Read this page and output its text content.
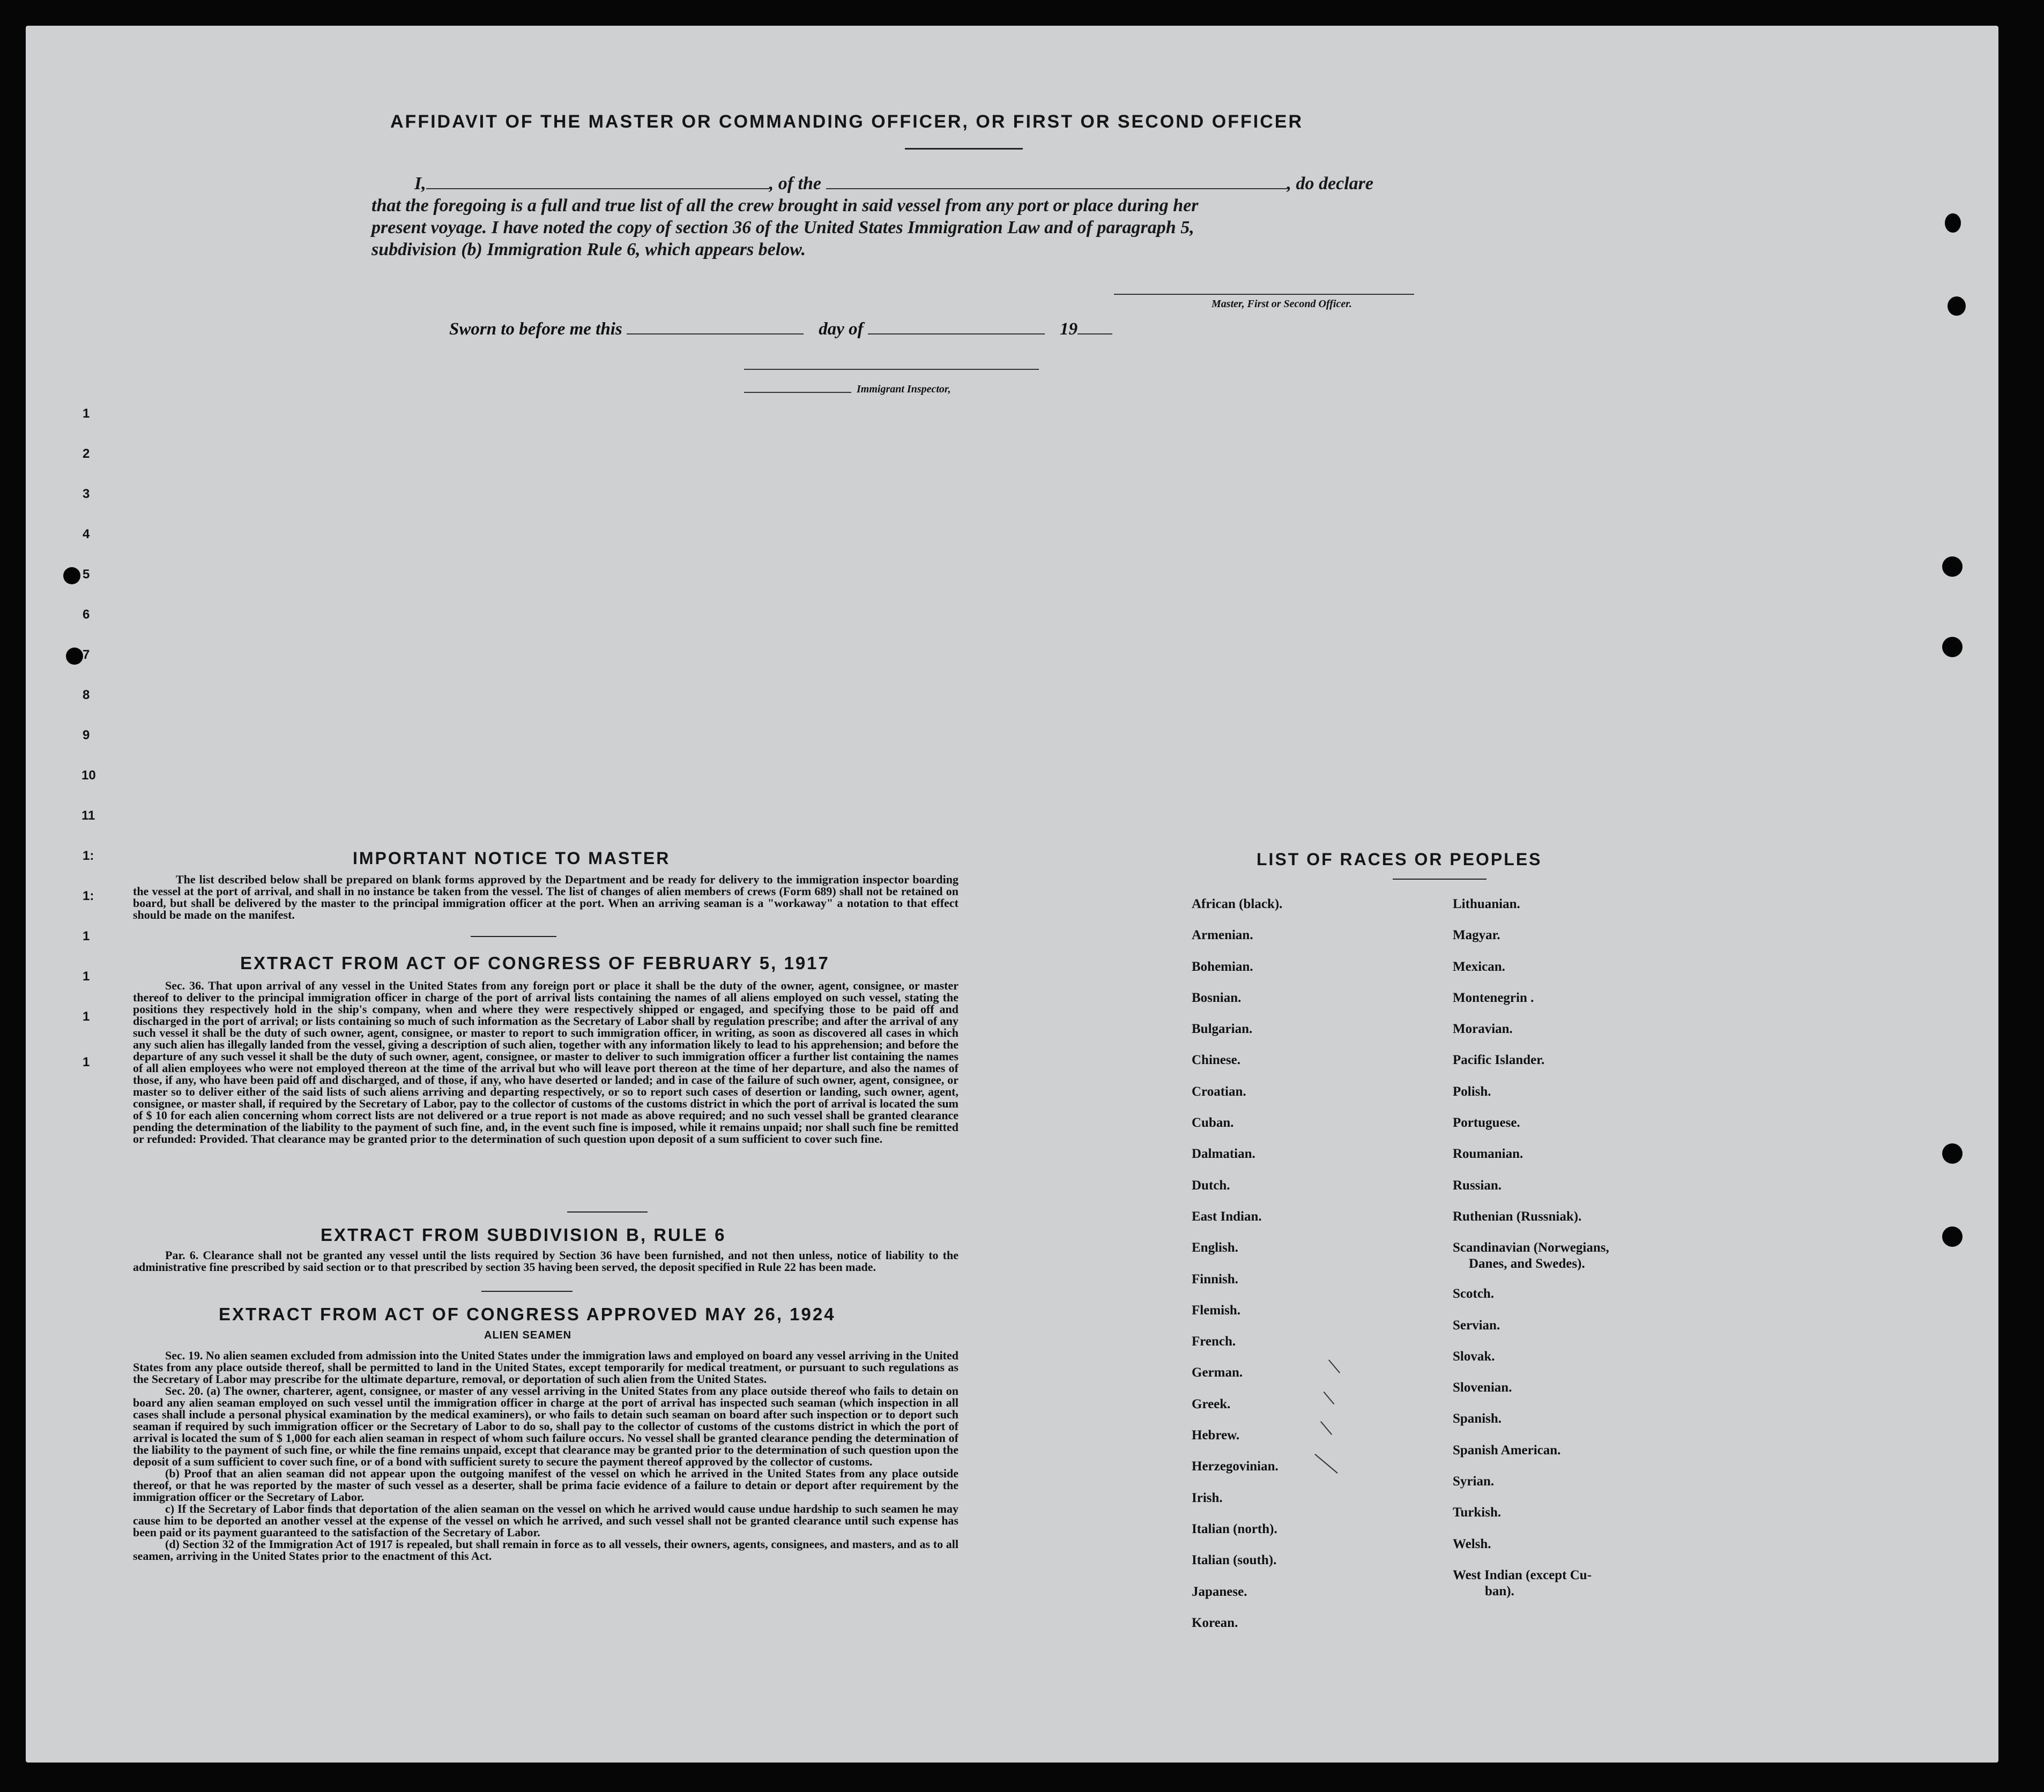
AFFIDAVIT OF THE MASTER OR COMMANDING OFFICER, OR FIRST OR SECOND OFFICER
I,	, of the	, do declare
that the foregoing is a full and true list of all the crew brought in said vessel from any port or place during her
present voyage. I have noted the copy of section 36 of the United States Immigration Law and of paragraph 5,
subdivision (b) Immigration Rule 6, which appears below.
Master, First or Second Officer.
Sworn to before me this	day of	19
Immigrant Inspector,
1
2
3
4
5
6
7
8
9
10
11
1:
1:
1
1
1
1
IMPORTANT NOTICE TO MASTER
The list described below shall be prepared on blank forms approved by the Department and be ready for delivery to the immigration inspector boarding the vessel at the port of arrival, and shall in no instance be taken from the vessel. The list of changes of alien members of crews (Form 689) shall not be retained on board, but shall be delivered by the master to the principal immigration officer at the port. When an arriving seaman is a "workaway" a notation to that effect should be made on the manifest.
EXTRACT FROM ACT OF CONGRESS OF FEBRUARY 5, 1917
Sec. 36. That upon arrival of any vessel in the United States from any foreign port or place it shall be the duty of the owner, agent, consignee, or master thereof to deliver to the principal immigration officer in charge of the port of arrival lists containing the names of all aliens employed on such vessel, stating the positions they respectively hold in the ship's company, when and where they were respectively shipped or engaged, and specifying those to be paid off and discharged in the port of arrival; or lists containing so much of such information as the Secretary of Labor shall by regulation prescribe; and after the arrival of any such vessel it shall be the duty of such owner, agent, consignee, or master to report to such immigration officer, in writing, as soon as discovered all cases in which any such alien has illegally landed from the vessel, giving a description of such alien, together with any information likely to lead to his apprehension; and before the departure of any such vessel it shall be the duty of such owner, agent, consignee, or master to deliver to such immigration officer a further list containing the names of all alien employees who were not employed thereon at the time of the arrival but who will leave port thereon at the time of her departure, and also the names of those, if any, who have been paid off and discharged, and of those, if any, who have deserted or landed; and in case of the failure of such owner, agent, consignee, or master so to deliver either of the said lists of such aliens arriving and departing respectively, or so to report such cases of desertion or landing, such owner, agent, consignee, or master shall, if required by the Secretary of Labor, pay to the collector of customs of the customs district in which the port of arrival is located the sum of $ 10 for each alien concerning whom correct lists are not delivered or a true report is not made as above required; and no such vessel shall be granted clearance pending the determination of the liability to the payment of such fine, and, in the event such fine is imposed, while it remains unpaid; nor shall such fine be remitted or refunded: Provided. That clearance may be granted prior to the determination of such question upon deposit of a sum sufficient to cover such fine.
EXTRACT FROM SUBDIVISION B, RULE 6
Par. 6. Clearance shall not be granted any vessel until the lists required by Section 36 have been furnished, and not then unless, notice of liability to the administrative fine prescribed by said section or to that prescribed by section 35 having been served, the deposit specified in Rule 22 has been made.
EXTRACT FROM ACT OF CONGRESS APPROVED MAY 26, 1924
ALIEN SEAMEN
Sec. 19. No alien seamen excluded from admission into the United States under the immigration laws and employed on board any vessel arriving in the United States from any place outside thereof, shall be permitted to land in the United States, except temporarily for medical treatment, or pursuant to such regulations as the Secretary of Labor may prescribe for the ultimate departure, removal, or deportation of such alien from the United States.
Sec. 20. (a) The owner, charterer, agent, consignee, or master of any vessel arriving in the United States from any place outside thereof who fails to detain on board any alien seaman employed on such vessel until the immigration officer in charge at the port of arrival has inspected such seaman (which inspection in all cases shall include a personal physical examination by the medical examiners), or who fails to detain such seaman on board after such inspection or to deport such seaman if required by such immigration officer or the Secretary of Labor to do so, shall pay to the collector of customs of the customs district in which the port of arrival is located the sum of $ 1,000 for each alien seaman in respect of whom such failure occurs. No vessel shall be granted clearance pending the determination of the liability to the payment of such fine, or while the fine remains unpaid, except that clearance may be granted prior to the determination of such question upon the deposit of a sum sufficient to cover such fine, or of a bond with sufficient surety to secure the payment thereof approved by the collector of customs.
(b) Proof that an alien seaman did not appear upon the outgoing manifest of the vessel on which he arrived in the United States from any place outside thereof, or that he was reported by the master of such vessel as a deserter, shall be prima facie evidence of a failure to detain or deport after requirement by the immigration officer or the Secretary of Labor.
c) If the Secretary of Labor finds that deportation of the alien seaman on the vessel on which he arrived would cause undue hardship to such seamen he may cause him to be deported an another vessel at the expense of the vessel on which he arrived, and such vessel shall not be granted clearance until such expense has been paid or its payment guaranteed to the satisfaction of the Secretary of Labor.
(d) Section 32 of the Immigration Act of 1917 is repealed, but shall remain in force as to all vessels, their owners, agents, consignees, and masters, and as to all seamen, arriving in the United States prior to the enactment of this Act.
LIST OF RACES OR PEOPLES
African (black).
Armenian.
Bohemian.
Bosnian.
Bulgarian.
Chinese.
Croatian.
Cuban.
Dalmatian.
Dutch.
East Indian.
English.
Finnish.
Flemish.
French.
German.
Greek.
Hebrew.
Herzegovinian.
Irish.
Italian (north).
Italian (south).
Japanese.
Korean.
Lithuanian.
Magyar.
Mexican.
Montenegrin .
Moravian.
Pacific Islander.
Polish.
Portuguese.
Roumanian.
Russian.
Ruthenian (Russniak).
Scandinavian (Norwegians,
Danes, and Swedes).
Scotch.
Servian.
Slovak.
Slovenian.
Spanish.
Spanish American.
Syrian.
Turkish.
Welsh.
West Indian (except Cu-
ban).
